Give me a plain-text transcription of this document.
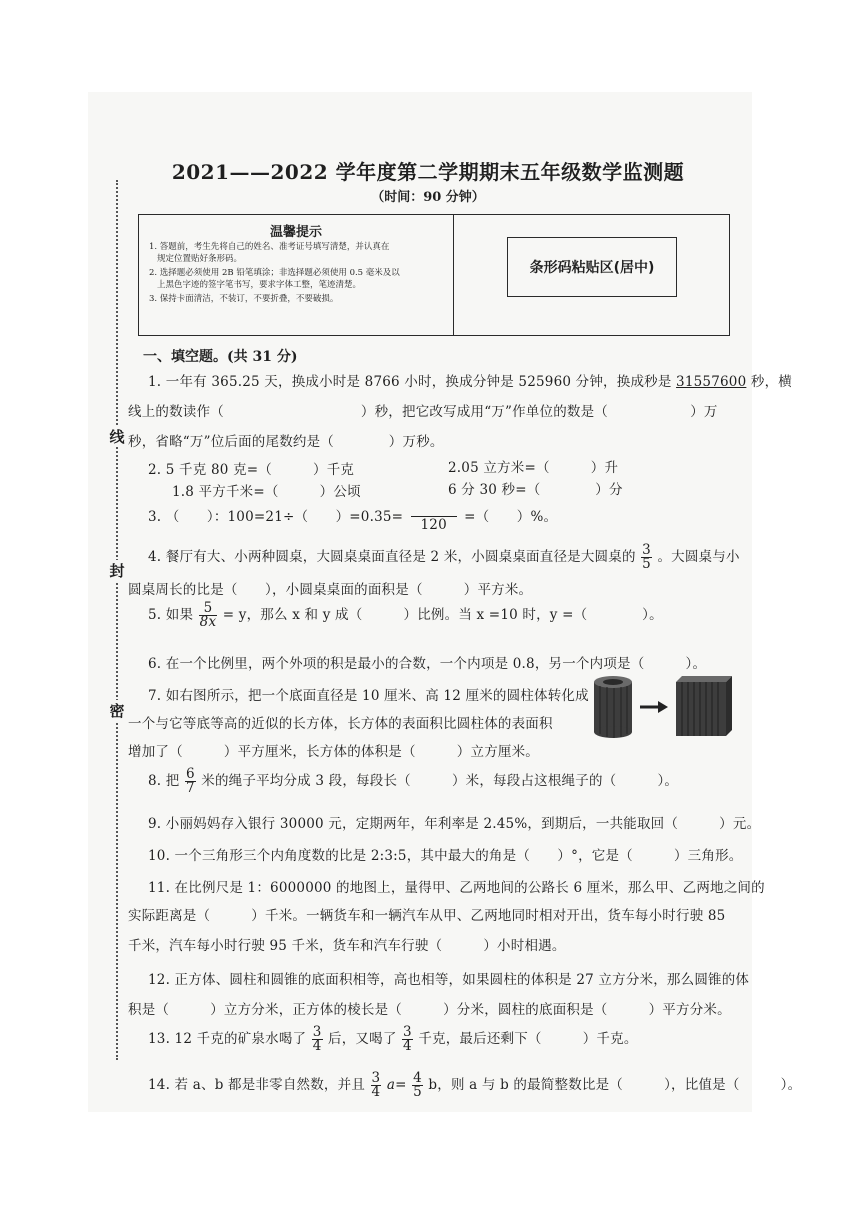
2021——2022 学年度第二学期期末五年级数学监测题
（时间：90 分钟）
温馨提示
1. 答题前，考生先将自己的姓名、准考证号填写清楚，并认真在
规定位置贴好条形码。
2. 选择题必须使用 2B 铅笔填涂；非选择题必须使用 0.5 毫米及以
上黑色字迹的签字笔书写，要求字体工整，笔迹清楚。
3. 保持卡面清洁，不装订，不要折叠，不要破损。
条形码粘贴区(居中)
线
封
密
一、填空题。(共 31 分)
1. 一年有 365.25 天，换成小时是 8766 小时，换成分钟是 525960 分钟，换成秒是 31557600 秒，横
线上的数读作（　　　　　　　　　　）秒，把它改写成用“万”作单位的数是（　　　　　　）万
秒，省略“万”位后面的尾数约是（　　　　）万秒。
2. 5 千克 80 克=（　　　）千克	2.05 立方米=（　　　）升
1.8 平方千米=（　　　）公顷	6 分 30 秒=（　　　　）分
3. （　　）：100=21÷（　　）=0.35=	120	=（　　）%。
4. 餐厅有大、小两种圆桌，大圆桌桌面直径是 2 米，小圆桌桌面直径是大圆桌的 $\frac{3}{5}$ 。大圆桌与小
圆桌周长的比是（　　），小圆桌桌面的面积是（　　　）平方米。
5. 如果 $\frac{5}{8x} = y$，那么 x 和 y 成（　　　）比例。当 x =10 时，y =（　　　　）。
6. 在一个比例里，两个外项的积是最小的合数，一个内项是 0.8，另一个内项是（　　　）。
7. 如右图所示，把一个底面直径是 10 厘米、高 12 厘米的圆柱体转化成
一个与它等底等高的近似的长方体，长方体的表面积比圆柱体的表面积
增加了（　　　）平方厘米，长方体的体积是（　　　）立方厘米。
8. 把 $\frac{6}{7}$ 米的绳子平均分成 3 段，每段长（　　　）米，每段占这根绳子的（　　　）。
9. 小丽妈妈存入银行 30000 元，定期两年，年利率是 2.45%，到期后，一共能取回（　　　）元。
10. 一个三角形三个内角度数的比是 2:3:5，其中最大的角是（　　）°，它是（　　　）三角形。
11. 在比例尺是 1：6000000 的地图上，量得甲、乙两地间的公路长 6 厘米，那么甲、乙两地之间的
实际距离是（　　　）千米。一辆货车和一辆汽车从甲、乙两地同时相对开出，货车每小时行驶 85
千米，汽车每小时行驶 95 千米，货车和汽车行驶（　　　）小时相遇。
12. 正方体、圆柱和圆锥的底面积相等，高也相等，如果圆柱的体积是 27 立方分米，那么圆锥的体
积是（　　　）立方分米，正方体的棱长是（　　　）分米，圆柱的底面积是（　　　）平方分米。
13. 12 千克的矿泉水喝了 $\frac{3}{4}$ 后，又喝了 $\frac{3}{4}$ 千克，最后还剩下（　　　）千克。
14. 若 a、b 都是非零自然数，并且 $\frac{3}{4} a= \frac{4}{5}$ b，则 a 与 b 的最简整数比是（　　　），比值是（　　　）。
